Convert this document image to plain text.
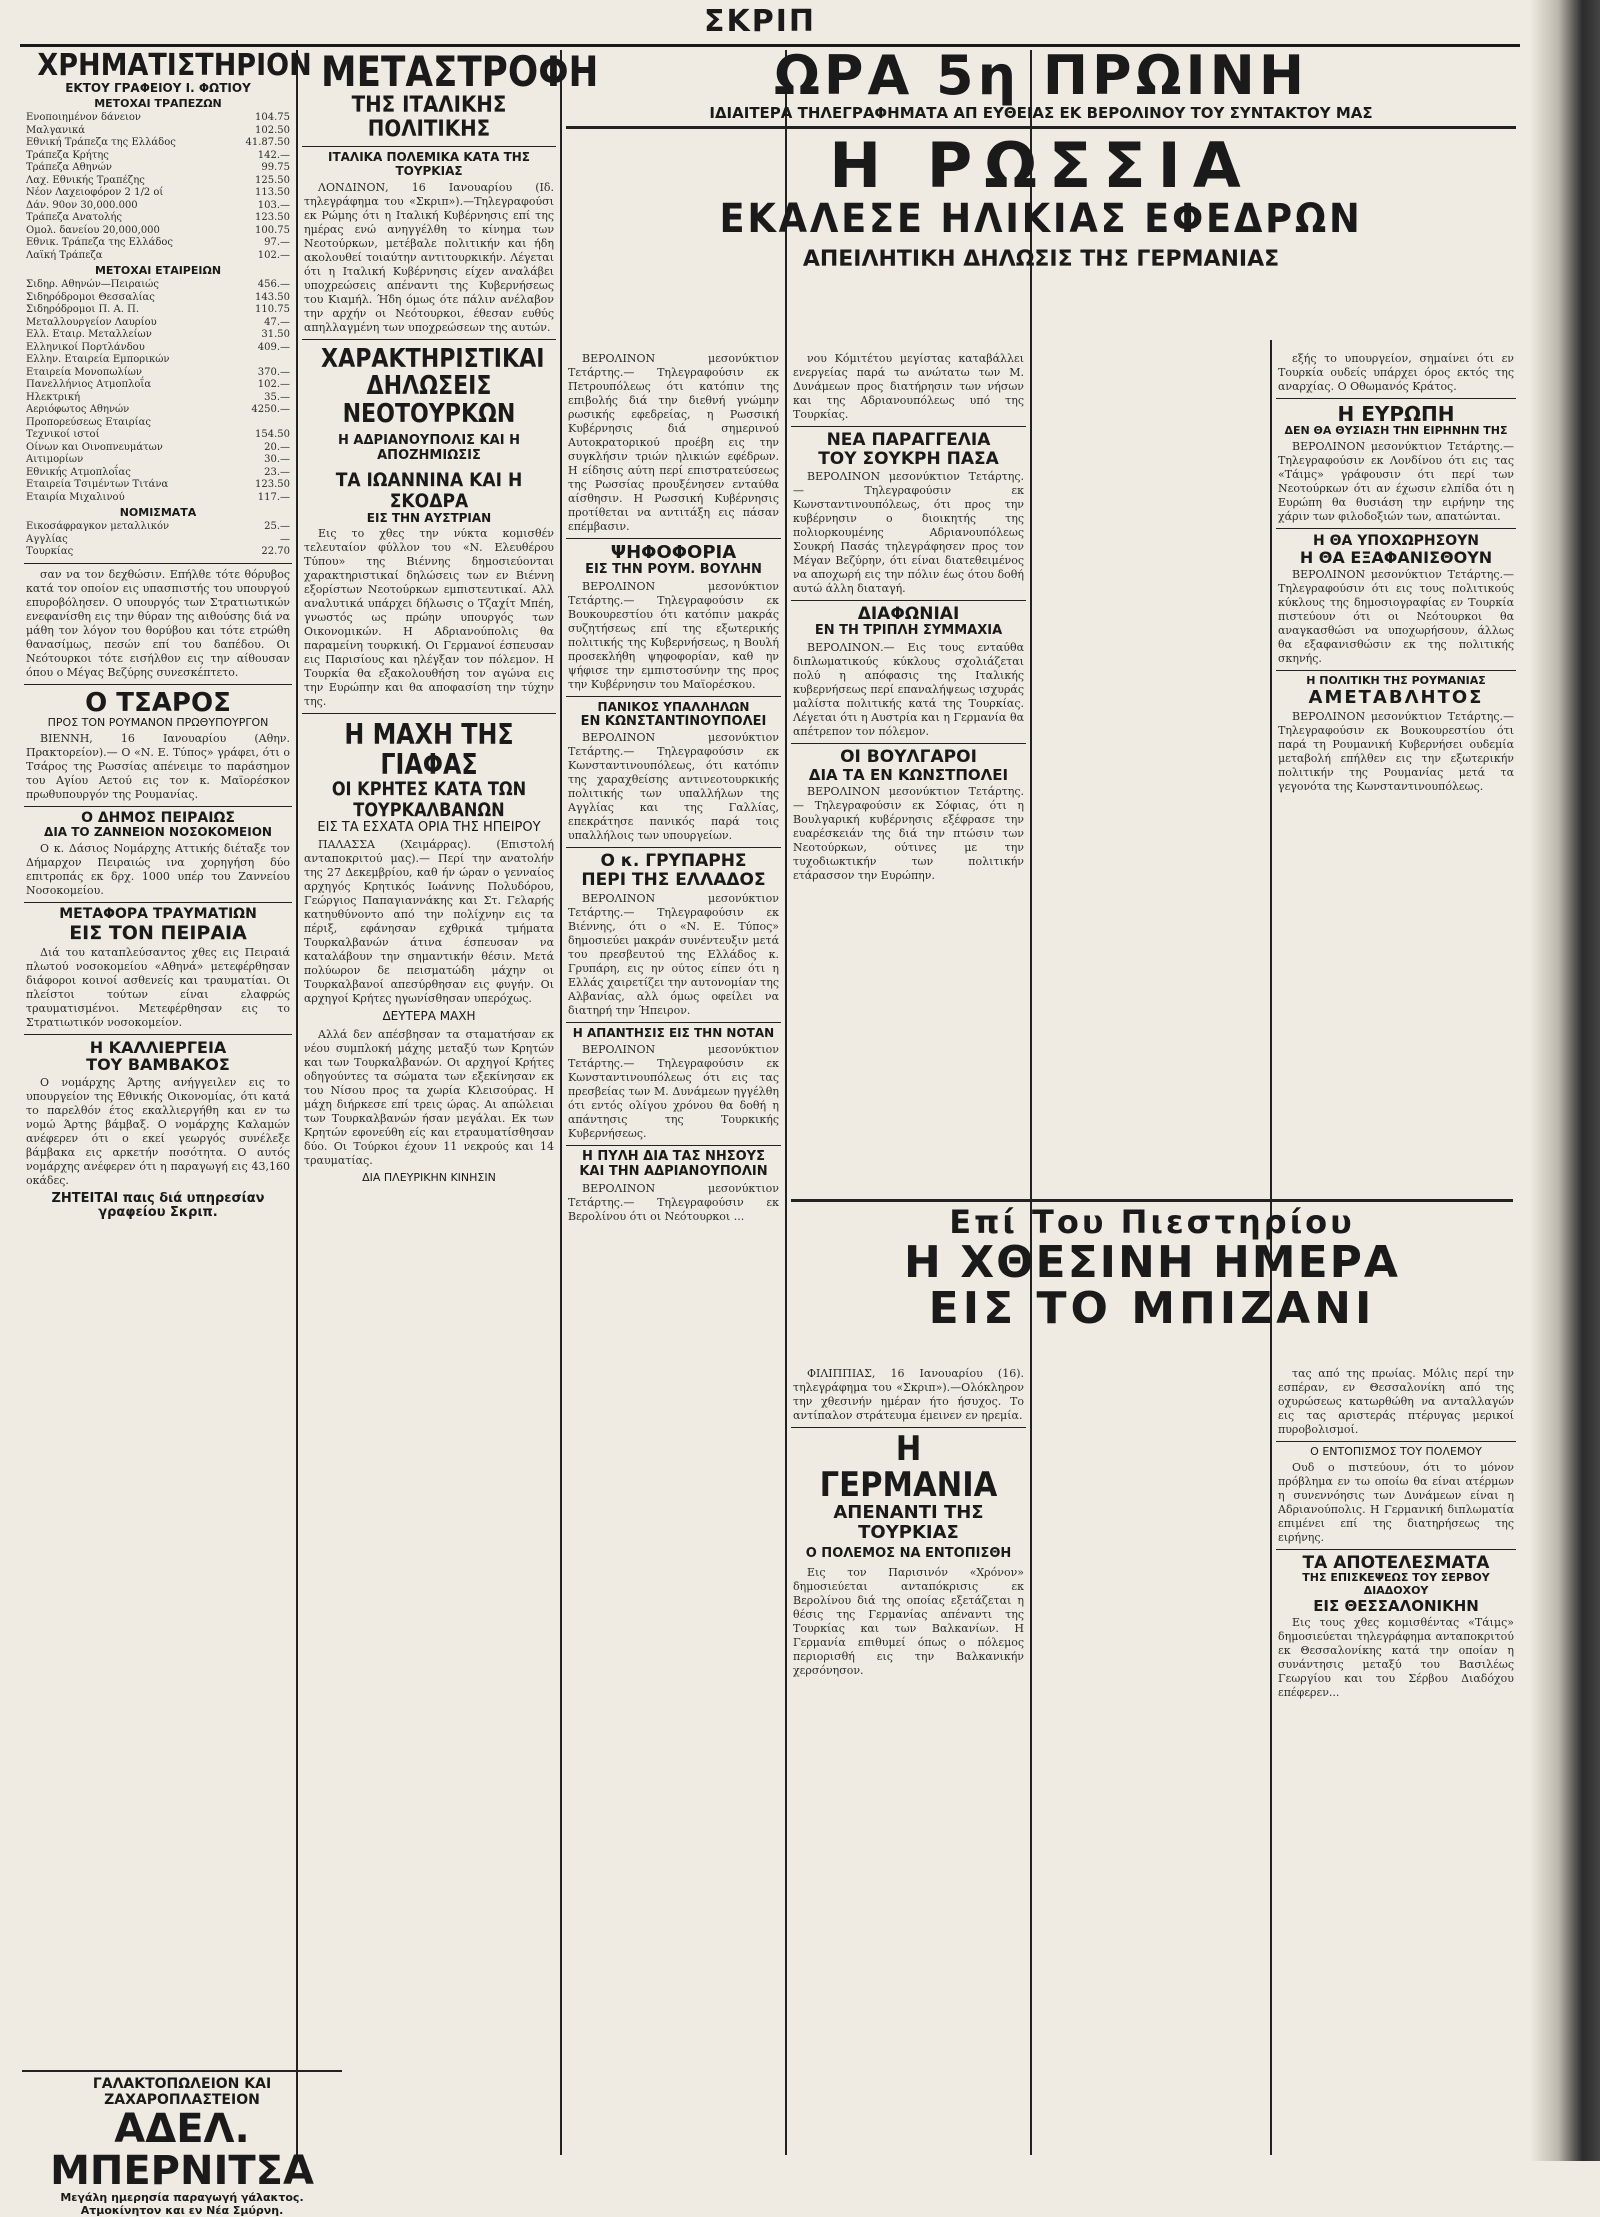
ΣΚΡΙΠ
ΧΡΗΜΑΤΙΣΤΗΡΙΟΝ
ΕΚΤΟΥ ΓΡΑΦΕΙΟΥ Ι. ΦΩΤΙΟΥ
ΜΕΤΟΧΑΙ ΤΡΑΠΕΖΩΝ
Ενοποιημένον δάνειον	104.75
Μαλγανικά	102.50
Εθνική Τράπεζα της Ελλάδος	41.87.50
Τράπεζα Κρήτης	142.—
Τράπεζα Αθηνών	99.75
Λαχ. Εθνικής Τραπέζης	125.50
Νέον Λαχειοφόρον 2 1/2 οί	113.50
Δάν. 90ον 30,000.000	103.—
Τράπεζα Ανατολής	123.50
Ομολ. δανείου 20,000,000	100.75
Εθνικ. Τράπεζα της Ελλάδος	97.—
Λαϊκή Τράπεζα	102.—
ΜΕΤΟΧΑΙ ΕΤΑΙΡΕΙΩΝ
Σιδηρ. Αθηνών—Πειραιώς	456.—
Σιδηρόδρομοι Θεσσαλίας	143.50
Σιδηρόδρομοι Π. Α. Π.	110.75
Μεταλλουργείον Λαυρίου	47.—
Ελλ. Εταιρ. Μεταλλείων	31.50
Ελληνικοί Πορτλάνδου	409.—
Ελλην. Εταιρεία Εμπορικών
Εταιρεία Μονοπωλίων	370.—
Πανελλήνιος Ατμοπλοΐα	102.—
Ηλεκτρική	35.—
Αεριόφωτος Αθηνών	4250.—
Προπορεύσεως Εταιρίας
Τεχνικοί ιστοί	154.50
Οίνων και Οινοπνευμάτων	20.—
Αιτιμορίων	30.—
Εθνικής Ατμοπλοΐας	23.—
Εταιρεία Τσιμέντων Τιτάνα	123.50
Εταιρία Μιχαλινού	117.—
ΝΟΜΙΣΜΑΤΑ
Εικοσάφραγκον μεταλλικόν	25.—
Αγγλίας	—
Τουρκίας	22.70
σαν να τον δεχθώσιν. Επήλθε τότε θόρυβος κατά τον οποίον εις υπασπιστής του υπουργού επυροβόλησεν. Ο υπουργός των Στρατιωτικών ενεφανίσθη εις την θύραν της αιθούσης διά να μάθη τον λόγον του θορύβου και τότε ετρώθη θανασίμως, πεσών επί του δαπέδου. Οι Νεότουρκοι τότε εισήλθον εις την αίθουσαν όπου ο Μέγας Βεζύρης συνεσκέπτετο.
Ο ΤΣΑΡΟΣ
ΠΡΟΣ ΤΟΝ ΡΟΥΜΑΝΟΝ ΠΡΩΘΥΠΟΥΡΓΟΝ
ΒΙΕΝΝΗ, 16 Ιανουαρίου (Αθην. Πρακτορείον).— Ο «Ν. Ε. Τύπος» γράφει, ότι ο Τσάρος της Ρωσσίας απένειμε το παράσημον του Αγίου Αετού εις τον κ. Μαϊορέσκον πρωθυπουργόν της Ρουμανίας.
Ο ΔΗΜΟΣ ΠΕΙΡΑΙΩΣ
ΔΙΑ ΤΟ ΖΑΝΝΕΙΟΝ ΝΟΣΟΚΟΜΕΙΟΝ
Ο κ. Δάσιος Νομάρχης Αττικής διέταξε τον Δήμαρχον Πειραιώς ινα χορηγήση δύο επιτροπάς εκ δρχ. 1000 υπέρ του Ζαννείου Νοσοκομείου.
ΜΕΤΑΦΟΡΑ ΤΡΑΥΜΑΤΙΩΝ
ΕΙΣ ΤΟΝ ΠΕΙΡΑΙΑ
Διά του καταπλεύσαντος χθες εις Πειραιά πλωτού νοσοκομείου «Αθηνά» μετεφέρθησαν διάφοροι κοινοί ασθενείς και τραυματίαι. Οι πλείστοι τούτων είναι ελαφρώς τραυματισμένοι. Μετεφέρθησαν εις το Στρατιωτικόν νοσοκομείον.
Η ΚΑΛΛΙΕΡΓΕΙΑ
ΤΟΥ ΒΑΜΒΑΚΟΣ
Ο νομάρχης Άρτης ανήγγειλεν εις το υπουργείον της Εθνικής Οικονομίας, ότι κατά το παρελθόν έτος εκαλλιεργήθη και εν τω νομώ Άρτης βάμβαξ. Ο νομάρχης Καλαμών ανέφερεν ότι ο εκεί γεωργός συνέλεξε βάμβακα εις αρκετήν ποσότητα. Ο αυτός νομάρχης ανέφερεν ότι η παραγωγή εις 43,160 οκάδες.
ΖΗΤΕΙΤΑΙ παις διά υπηρεσίαν γραφείου Σκριπ.
ΓΑΛΑΚΤΟΠΩΛΕΙΟΝ ΚΑΙ ΖΑΧΑΡΟΠΛΑΣΤΕΙΟΝ
ΑΔΕΛ. ΜΠΕΡΝΙΤΣΑ
Μεγάλη ημερησία παραγωγή γάλακτος. Ατμοκίνητον και εν Νέα Σμύρνη.
ΜΕΤΑΣΤΡΟΦΗ
ΤΗΣ ΙΤΑΛΙΚΗΣ ΠΟΛΙΤΙΚΗΣ
ΙΤΑΛΙΚΑ ΠΟΛΕΜΙΚΑ ΚΑΤΑ ΤΗΣ ΤΟΥΡΚΙΑΣ
ΛΟΝΔΙΝΟΝ, 16 Ιανουαρίου (Ιδ. τηλεγράφημα του «Σκριπ»).—Τηλεγραφούσι εκ Ρώμης ότι η Ιταλική Κυβέρνησις επί της ημέρας ενώ ανηγγέλθη το κίνημα των Νεοτούρκων, μετέβαλε πολιτικήν και ήδη ακολουθεί τοιαύτην αντιτουρκικήν. Λέγεται ότι η Ιταλική Κυβέρνησις είχεν αναλάβει υποχρεώσεις απέναντι της Κυβερνήσεως του Κιαμήλ. Ήδη όμως ότε πάλιν ανέλαβον την αρχήν οι Νεότουρκοι, έθεσαν ευθύς απηλλαγμένη των υποχρεώσεων της αυτών.
ΧΑΡΑΚΤΗΡΙΣΤΙΚΑΙ
ΔΗΛΩΣΕΙΣ ΝΕΟΤΟΥΡΚΩΝ
Η ΑΔΡΙΑΝΟΥΠΟΛΙΣ ΚΑΙ Η ΑΠΟΖΗΜΙΩΣΙΣ
ΤΑ ΙΩΑΝΝΙΝΑ ΚΑΙ Η ΣΚΟΔΡΑ
ΕΙΣ ΤΗΝ ΑΥΣΤΡΙΑΝ
Εις το χθες την νύκτα κομισθέν τελευταίον φύλλον του «Ν. Ελευθέρου Τύπου» της Βιέννης δημοσιεύονται χαρακτηριστικαί δηλώσεις των εν Βιέννη εξορίστων Νεοτούρκων εμπιστευτικαί. Αλλ αναλυτικά υπάρχει δήλωσις ο Τζαχίτ Μπέη, γνωστός ως πρώην υπουργός των Οικονομικών. Η Αδριανούπολις θα παραμείνη τουρκική. Οι Γερμανοί έσπευσαν εις Παρισίους και ηλέγξαν τον πόλεμον. Η Τουρκία θα εξακολουθήση τον αγώνα εις την Ευρώπην και θα αποφασίση την τύχην της.
Η ΜΑΧΗ ΤΗΣ ΓΙΑΦΑΣ
ΟΙ ΚΡΗΤΕΣ ΚΑΤΑ ΤΩΝ ΤΟΥΡΚΑΛΒΑΝΩΝ
ΕΙΣ ΤΑ ΕΣΧΑΤΑ ΟΡΙΑ ΤΗΣ ΗΠΕΙΡΟΥ
ΠΑΛΑΣΣΑ (Χειμάρρας). (Επιστολή ανταποκριτού μας).— Περί την ανατολήν της 27 Δεκεμβρίου, καθ ήν ώραν ο γενναίος αρχηγός Κρητικός Ιωάννης Πολυδόρου, Γεώργιος Παπαγιαννάκης και Στ. Γελαρής κατηυθύνοντο από την πολίχνην εις τα πέριξ, εφάνησαν εχθρικά τμήματα Τουρκαλβανών άτινα έσπευσαν να καταλάβουν την σημαντικήν θέσιν. Μετά πολύωρον δε πεισματώδη μάχην οι Τουρκαλβανοί απεσύρθησαν εις φυγήν. Οι αρχηγοί Κρήτες ηγωνίσθησαν υπερόχως.
ΔΕΥΤΕΡΑ ΜΑΧΗ
Αλλά δεν απέσβησαν τα σταματήσαν εκ νέου συμπλοκή μάχης μεταξύ των Κρητών και των Τουρκαλβανών. Οι αρχηγοί Κρήτες οδηγούντες τα σώματα των εξεκίνησαν εκ του Νίσου προς τα χωρία Κλεισούρας. Η μάχη διήρκεσε επί τρεις ώρας. Αι απώλειαι των Τουρκαλβανών ήσαν μεγάλαι. Εκ των Κρητών εφονεύθη είς και ετραυματίσθησαν δύο. Οι Τούρκοι έχουν 11 νεκρούς και 14 τραυματίας.
ΔΙΑ ΠΛΕΥΡΙΚΗΝ ΚΙΝΗΣΙΝ
ΩΡΑ 5η ΠΡΩΙΝΗ
ΙΔΙΑΙΤΕΡΑ ΤΗΛΕΓΡΑΦΗΜΑΤΑ ΑΠ ΕΥΘΕΙΑΣ ΕΚ ΒΕΡΟΛΙΝΟΥ ΤΟΥ ΣΥΝΤΑΚΤΟΥ ΜΑΣ
Η ΡΩΣΣΙΑ
ΕΚΑΛΕΣΕ ΗΛΙΚΙΑΣ ΕΦΕΔΡΩΝ
ΑΠΕΙΛΗΤΙΚΗ ΔΗΛΩΣΙΣ ΤΗΣ ΓΕΡΜΑΝΙΑΣ
ΒΕΡΟΛΙΝΟΝ μεσονύκτιον Τετάρτης.— Τηλεγραφούσιν εκ Πετρουπόλεως ότι κατόπιν της επιβολής διά την διεθνή γνώμην ρωσικής εφεδρείας, η Ρωσσική Κυβέρνησις διά σημερινού Αυτοκρατορικού προέβη εις την συγκλήσιν τριών ηλικιών εφέδρων. Η είδησις αύτη περί επιστρατεύσεως της Ρωσσίας προυξένησεν ενταύθα αίσθησιν. Η Ρωσσική Κυβέρνησις προτίθεται να αντιτάξη εις πάσαν επέμβασιν.
ΨΗΦΟΦΟΡΙΑ
ΕΙΣ ΤΗΝ ΡΟΥΜ. ΒΟΥΛΗΝ
ΒΕΡΟΛΙΝΟΝ μεσονύκτιον Τετάρτης.— Τηλεγραφούσιν εκ Βουκουρεστίου ότι κατόπιν μακράς συζητήσεως επί της εξωτερικής πολιτικής της Κυβερνήσεως, η Βουλή προσεκλήθη ψηφοφορίαν, καθ ην ψήφισε την εμπιστοσύνην της προς την Κυβέρνησιν του Μαϊορέσκου.
ΠΑΝΙΚΟΣ ΥΠΑΛΛΗΛΩΝ
ΕΝ ΚΩΝΣΤΑΝΤΙΝΟΥΠΟΛΕΙ
ΒΕΡΟΛΙΝΟΝ μεσονύκτιον Τετάρτης.— Τηλεγραφούσιν εκ Κωνσταντινουπόλεως, ότι κατόπιν της χαραχθείσης αντινεοτουρκικής πολιτικής των υπαλλήλων της Αγγλίας και της Γαλλίας, επεκράτησε πανικός παρά τοις υπαλλήλοις των υπουργείων.
Ο κ. ΓΡΥΠΑΡΗΣ
ΠΕΡΙ ΤΗΣ ΕΛΛΑΔΟΣ
ΒΕΡΟΛΙΝΟΝ μεσονύκτιον Τετάρτης.— Τηλεγραφούσιν εκ Βιέννης, ότι ο «Ν. Ε. Τύπος» δημοσιεύει μακράν συνέντευξιν μετά του πρεσβευτού της Ελλάδος κ. Γρυπάρη, εις ην ούτος είπεν ότι η Ελλάς χαιρετίζει την αυτονομίαν της Αλβανίας, αλλ όμως οφείλει να διατηρή την Ήπειρον.
Η ΑΠΑΝΤΗΣΙΣ ΕΙΣ ΤΗΝ ΝΟΤΑΝ
ΒΕΡΟΛΙΝΟΝ μεσονύκτιον Τετάρτης.— Τηλεγραφούσιν εκ Κωνσταντινουπόλεως ότι εις τας πρεσβείας των Μ. Δυνάμεων ηγγέλθη ότι εντός ολίγου χρόνου θα δοθή η απάντησις της Τουρκικής Κυβερνήσεως.
Η ΠΥΛΗ ΔΙΑ ΤΑΣ ΝΗΣΟΥΣ
ΚΑΙ ΤΗΝ ΑΔΡΙΑΝΟΥΠΟΛΙΝ
ΒΕΡΟΛΙΝΟΝ μεσονύκτιον Τετάρτης.— Τηλεγραφούσιν εκ Βερολίνου ότι οι Νεότουρκοι ...
νου Κόμιτέτου μεγίστας καταβάλλει ενεργείας παρά τω ανώτατω των Μ. Δυνάμεων προς διατήρησιν των νήσων και της Αδριανουπόλεως υπό της Τουρκίας.
ΝΕΑ ΠΑΡΑΓΓΕΛΙΑ
ΤΟΥ ΣΟΥΚΡΗ ΠΑΣΑ
ΒΕΡΟΛΙΝΟΝ μεσονύκτιον Τετάρτης.— Τηλεγραφούσιν εκ Κωνσταντινουπόλεως, ότι προς την κυβέρνησιν ο διοικητής της πολιορκουμένης Αδριανουπόλεως Σουκρή Πασάς τηλεγράφησεν προς τον Μέγαν Βεζύρην, ότι είναι διατεθειμένος να αποχωρή εις την πόλιν έως ότου δοθή αυτώ άλλη διαταγή.
ΔΙΑΦΩΝΙΑΙ
ΕΝ ΤΗ ΤΡΙΠΛΗ ΣΥΜΜΑΧΙΑ
ΒΕΡΟΛΙΝΟΝ.— Εις τους ενταύθα διπλωματικούς κύκλους σχολιάζεται πολύ η απόφασις της Ιταλικής κυβερνήσεως περί επαναλήψεως ισχυράς μαλίστα πολιτικής κατά της Τουρκίας. Λέγεται ότι η Αυστρία και η Γερμανία θα απέτρεπον τον πόλεμον.
ΟΙ ΒΟΥΛΓΑΡΟΙ
ΔΙΑ ΤΑ ΕΝ ΚΩΝΣΤΠΟΛΕΙ
ΒΕΡΟΛΙΝΟΝ μεσονύκτιον Τετάρτης.— Τηλεγραφούσιν εκ Σόφιας, ότι η Βουλγαρική κυβέρνησις εξέφρασε την ευαρέσκειάν της διά την πτώσιν των Νεοτούρκων, ούτινες με την τυχοδιωκτικήν των πολιτικήν ετάρασσον την Ευρώπην.
Επί Του Πιεστηρίου
Η ΧΘΕΣΙΝΗ ΗΜΕΡΑ
ΕΙΣ ΤΟ ΜΠΙΖΑΝΙ
ΦΙΛΙΠΠΙΑΣ, 16 Ιανουαρίου (16). τηλεγράφημα του «Σκριπ»).—Ολόκληρον την χθεσινήν ημέραν ήτο ήσυχος. Το αντίπαλον στράτευμα έμεινεν εν ηρεμία.
Η ΓΕΡΜΑΝΙΑ
ΑΠΕΝΑΝΤΙ ΤΗΣ ΤΟΥΡΚΙΑΣ
Ο ΠΟΛΕΜΟΣ ΝΑ ΕΝΤΟΠΙΣΘΗ
Εις τον Παρισινόν «Χρόνον» δημοσιεύεται ανταπόκρισις εκ Βερολίνου διά της οποίας εξετάζεται η θέσις της Γερμανίας απέναντι της Τουρκίας και των Βαλκανίων. Η Γερμανία επιθυμεί όπως ο πόλεμος περιορισθή εις την Βαλκανικήν χερσόνησον.
εξής το υπουργείον, σημαίνει ότι εν Τουρκία ουδείς υπάρχει όρος εκτός της αναρχίας. Ο Οθωμανός Κράτος.
Η ΕΥΡΩΠΗ
ΔΕΝ ΘΑ ΘΥΣΙΑΣΗ ΤΗΝ ΕΙΡΗΝΗΝ ΤΗΣ
ΒΕΡΟΛΙΝΟΝ μεσονύκτιον Τετάρτης.— Τηλεγραφούσιν εκ Λονδίνου ότι εις τας «Τάιμς» γράφουσιν ότι περί των Νεοτούρκων ότι αν έχωσιν ελπίδα ότι η Ευρώπη θα θυσιάση την ειρήνην της χάριν των φιλοδοξιών των, απατώνται.
Η ΘΑ ΥΠΟΧΩΡΗΣΟΥΝ
Η ΘΑ ΕΞΑΦΑΝΙΣΘΟΥΝ
ΒΕΡΟΛΙΝΟΝ μεσονύκτιον Τετάρτης.— Τηλεγραφούσιν ότι εις τους πολιτικούς κύκλους της δημοσιογραφίας εν Τουρκία πιστεύουν ότι οι Νεότουρκοι θα αναγκασθώσι να υποχωρήσουν, άλλως θα εξαφανισθώσιν εκ της πολιτικής σκηνής.
Η ΠΟΛΙΤΙΚΗ ΤΗΣ ΡΟΥΜΑΝΙΑΣ
ΑΜΕΤΑΒΛΗΤΟΣ
ΒΕΡΟΛΙΝΟΝ μεσονύκτιον Τετάρτης.— Τηλεγραφούσιν εκ Βουκουρεστίου ότι παρά τη Ρουμανική Κυβερνήσει ουδεμία μεταβολή επήλθεν εις την εξωτερικήν πολιτικήν της Ρουμανίας μετά τα γεγονότα της Κωνσταντινουπόλεως.
τας από της πρωίας. Μόλις περί την εσπέραν, εν Θεσσαλονίκη από της οχυρώσεως κατωρθώθη να ανταλλαγών εις τας αριστεράς πτέρυγας μερικοί πυροβολισμοί.
Ο ΕΝΤΟΠΙΣΜΟΣ ΤΟΥ ΠΟΛΕΜΟΥ
Ουδ ο πιστεύουν, ότι το μόνον πρόβλημα εν τω οποίω θα είναι ατέρμων η συνεννόησις των Δυνάμεων είναι η Αδριανούπολις. Η Γερμανική διπλωματία επιμένει επί της διατηρήσεως της ειρήνης.
ΤΑ ΑΠΟΤΕΛΕΣΜΑΤΑ
ΤΗΣ ΕΠΙΣΚΕΨΕΩΣ ΤΟΥ ΣΕΡΒΟΥ ΔΙΑΔΟΧΟΥ
ΕΙΣ ΘΕΣΣΑΛΟΝΙΚΗΝ
Εις τους χθες κομισθέντας «Τάιμς» δημοσιεύεται τηλεγράφημα ανταποκριτού εκ Θεσσαλονίκης κατά την οποίαν η συνάντησις μεταξύ του Βασιλέως Γεωργίου και του Σέρβου Διαδόχου επέφερεν...
